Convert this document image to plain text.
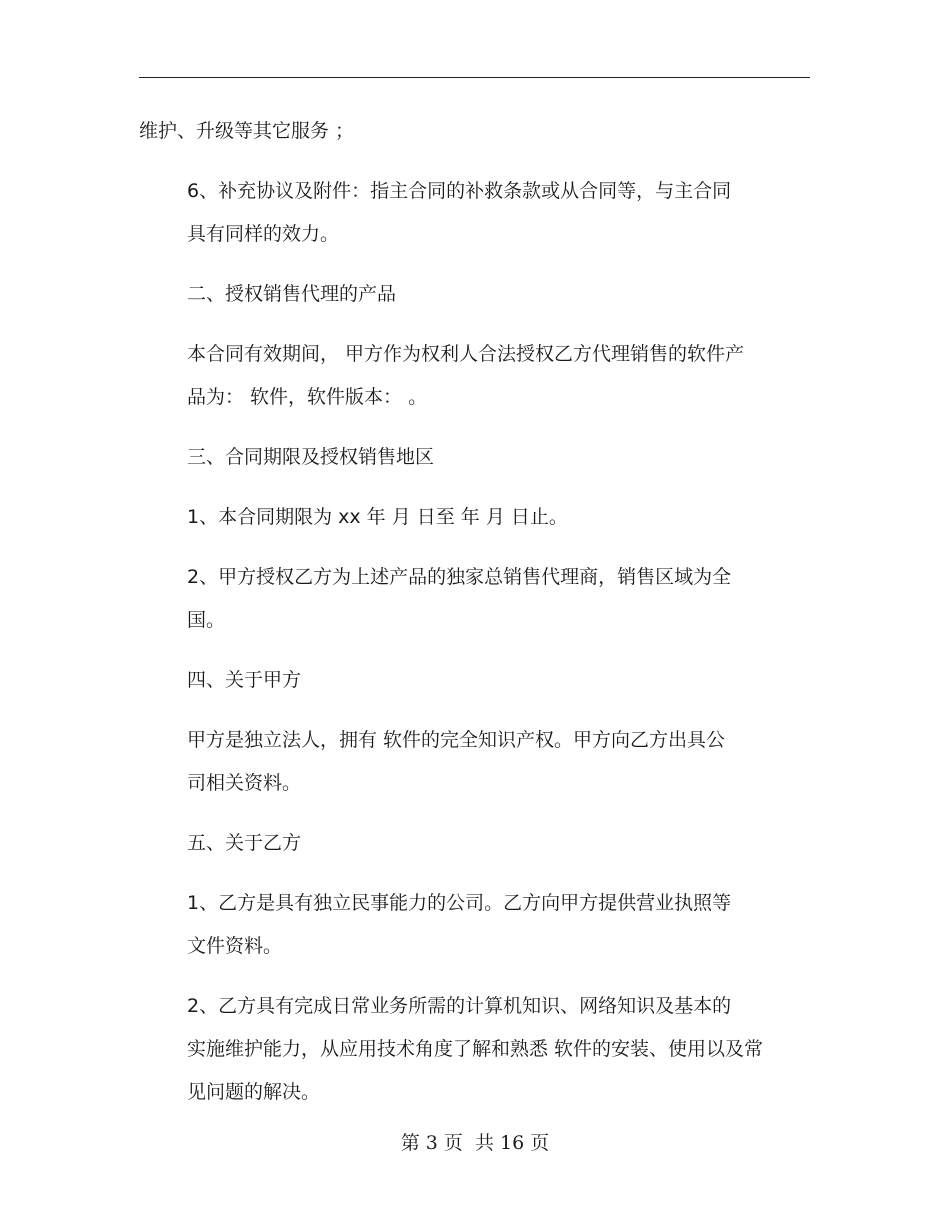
维护、升级等其它服务 ；
6、补充协议及附件：指主合同的补救条款或从合同等，与主合同
具有同样的效力。
二、授权销售代理的产品
本合同有效期间， 甲方作为权利人合法授权乙方代理销售的软件产
品为： 软件，软件版本： 。
三、合同期限及授权销售地区
1、本合同期限为 xx 年 月 日至 年 月 日止。
2、甲方授权乙方为上述产品的独家总销售代理商，销售区域为全
国。
四、关于甲方
甲方是独立法人，拥有 软件的完全知识产权。甲方向乙方出具公
司相关资料。
五、关于乙方
1、乙方是具有独立民事能力的公司。乙方向甲方提供营业执照等
文件资料。
2、乙方具有完成日常业务所需的计算机知识、网络知识及基本的
实施维护能力，从应用技术角度了解和熟悉 软件的安装、使用以及常
见问题的解决。
第 3 页  共 16 页
